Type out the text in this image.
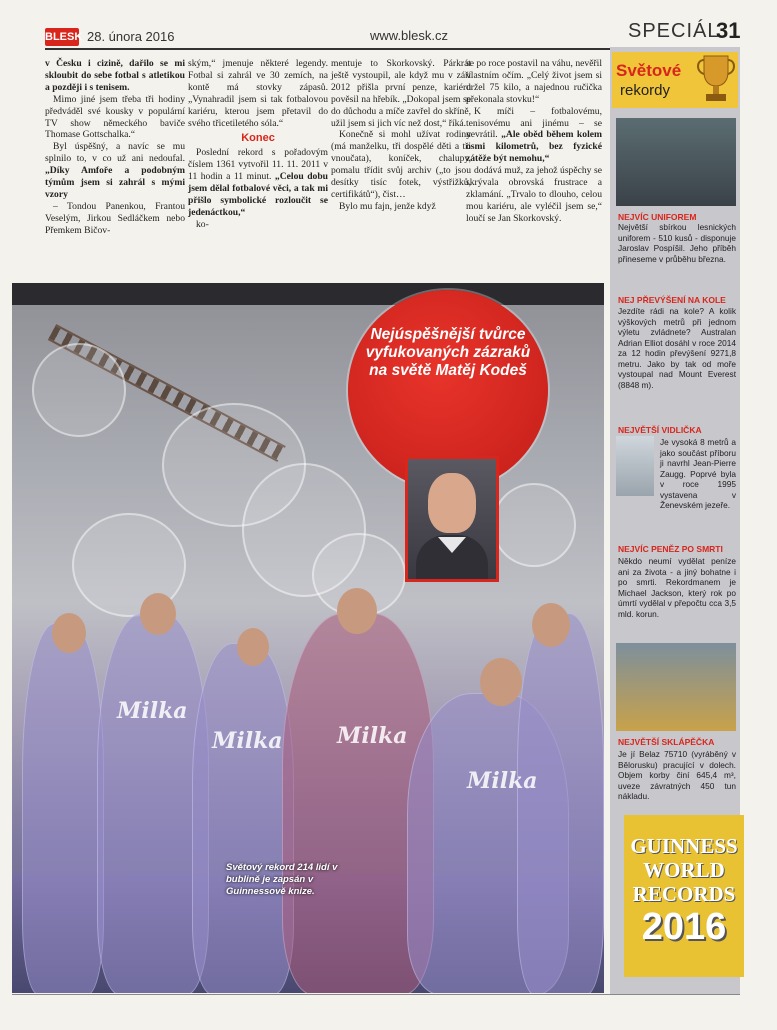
BLESK 28. února 2016	www.blesk.cz	SPECIÁL
31

v Česku i cizině, dařilo se mi skloubit do sebe fotbal s atletikou a později i s tenisem.

Mimo jiné jsem třeba tři hodiny předváděl své kousky v populární TV show německého baviče Thomase Gottschalka.“

Byl úspěšný, a navíc se mu splnilo to, v co už ani nedoufal. „Díky Amfoře a podobným týmům jsem si zahrál s mými vzory

– Tondou Panenkou, Frantou Veselým, Jirkou Sedláčkem nebo Přemkem Bičov-

ským,“ jmenuje některé legendy. Fotbal si zahrál ve 30 zemích, na kontě má stovky zápasů. „Vynahradil jsem si tak fotbalovou kariéru, kterou jsem přetavil do svého třicetiletého sóla.“

Konec

Poslední rekord s pořadovým číslem 1361 vytvořil 11. 11. 2011 v 11 hodin a 11 minut. „Celou dobu jsem dělal fotbalové věci, a tak mi přišlo symbolické rozloučit se jedenáctkou,“

ko-

mentuje to Skorkovský. Párkrát ještě vystoupil, ale když mu v září 2012 přišla první penze, kariéru pověsil na hřebík. „Dokopal jsem se do důchodu a míče zavřel do skříně, užil jsem si jich víc než dost,“ říká.

Konečně si mohl užívat rodiny (má manželku, tři dospělé děti a tři vnoučata), koníček, chalupy, pomalu třídit svůj archiv („to jsou desítky tisíc fotek, výstřižků, certifikátů“), čist…

Bylo mu fajn, jenže když

se po roce postavil na váhu, nevěřil vlastním očím. „Celý život jsem si držel 75 kilo, a najednou ručička překonala stovku!“

K míči – fotbalovému, tenisovému ani jinému – se nevrátil. „Ale oběd během kolem osmi kilometrů, bez fyzické zátěže být nemohu,“

dodává muž, za jehož úspěchy se skrývala obrovská frustrace a zklamání. „Trvalo to dlouho, celou mou kariéru, ale vyléčil jsem se,“ loučí se Jan Skorkovský.

Milka
Milka Milka
Milka
Nejúspěšnější tvůrce vyfukovaných zázraků na světě Matěj Kodeš
Světový rekord 214 lidí v bublině je zapsán v Guinnessově knize.
Světové
rekordy
NEJVÍC UNIFOREM
Největší sbírkou lesnických uniforem - 510 kusů - disponuje Jaroslav Pospíšil. Jeho příběh přineseme v průběhu března.
NEJ PŘEVÝŠENÍ NA KOLE
Jezdíte rádi na kole? A kolik výškových metrů při jednom výletu zvládnete? Australan Adrian Elliot dosáhl v roce 2014 za 12 hodin převýšení 9271,8 metru. Jako by tak od moře vystoupal nad Mount Everest (8848 m).
NEJVĚTŠÍ VIDLIČKA
Je vysoká 8 metrů a jako součást příboru ji navrhl Jean-Pierre Zaugg. Poprvé byla v roce 1995 vystavena v Ženevském jezeře.
NEJVÍC PENĚZ PO SMRTI
Někdo neumí vydělat peníze ani za života - a jiný bohatne i po smrti. Rekordmanem je Michael Jackson, který rok po úmrtí vydělal v přepočtu cca 3,5 mld. korun.
NEJVĚTŠÍ SKLÁPĚČKA
Je jí Belaz 75710 (vyráběný v Bělorusku) pracující v dolech. Objem korby činí 645,4 m³, uveze závratných 450 tun nákladu.
GUINNESS
WORLD
RECORDS
2016
